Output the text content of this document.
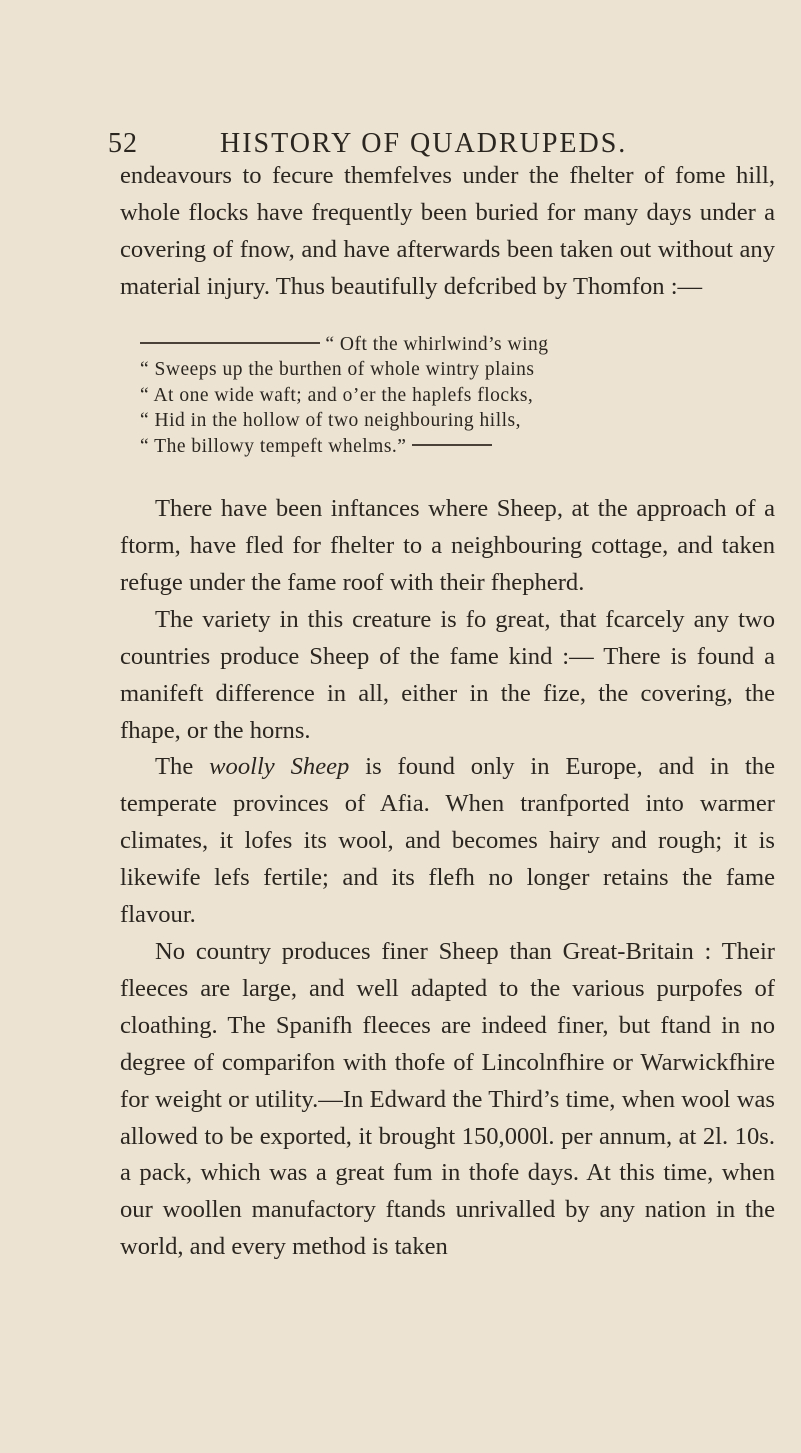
52	HISTORY OF QUADRUPEDS.

endeavours to fecure themfelves under the fhelter of fome hill, whole flocks have frequently been buried for many days under a covering of fnow, and have afterwards been taken out without any material injury. Thus beautifully defcribed by Thomfon :—

“ Oft the whirlwind’s wing
“ Sweeps up the burthen of whole wintry plains
“ At one wide waft; and o’er the haplefs flocks,
“ Hid in the hollow of two neighbouring hills,
“ The billowy tempeft whelms.”

There have been inftances where Sheep, at the approach of a ftorm, have fled for fhelter to a neighbouring cottage, and taken refuge under the fame roof with their fhepherd.

The variety in this creature is fo great, that fcarcely any two countries produce Sheep of the fame kind :— There is found a manifeft difference in all, either in the fize, the covering, the fhape, or the horns.

The woolly Sheep is found only in Europe, and in the temperate provinces of Afia. When tranfported into warmer climates, it lofes its wool, and becomes hairy and rough; it is likewife lefs fertile; and its flefh no longer retains the fame flavour.

No country produces finer Sheep than Great-Britain : Their fleeces are large, and well adapted to the various purpofes of cloathing. The Spanifh fleeces are indeed finer, but ftand in no degree of comparifon with thofe of Lincolnfhire or Warwickfhire for weight or utility.—In Edward the Third’s time, when wool was allowed to be exported, it brought 150,000l. per annum, at 2l. 10s. a pack, which was a great fum in thofe days. At this time, when our woollen manufactory ftands unrivalled by any nation in the world, and every method is taken
